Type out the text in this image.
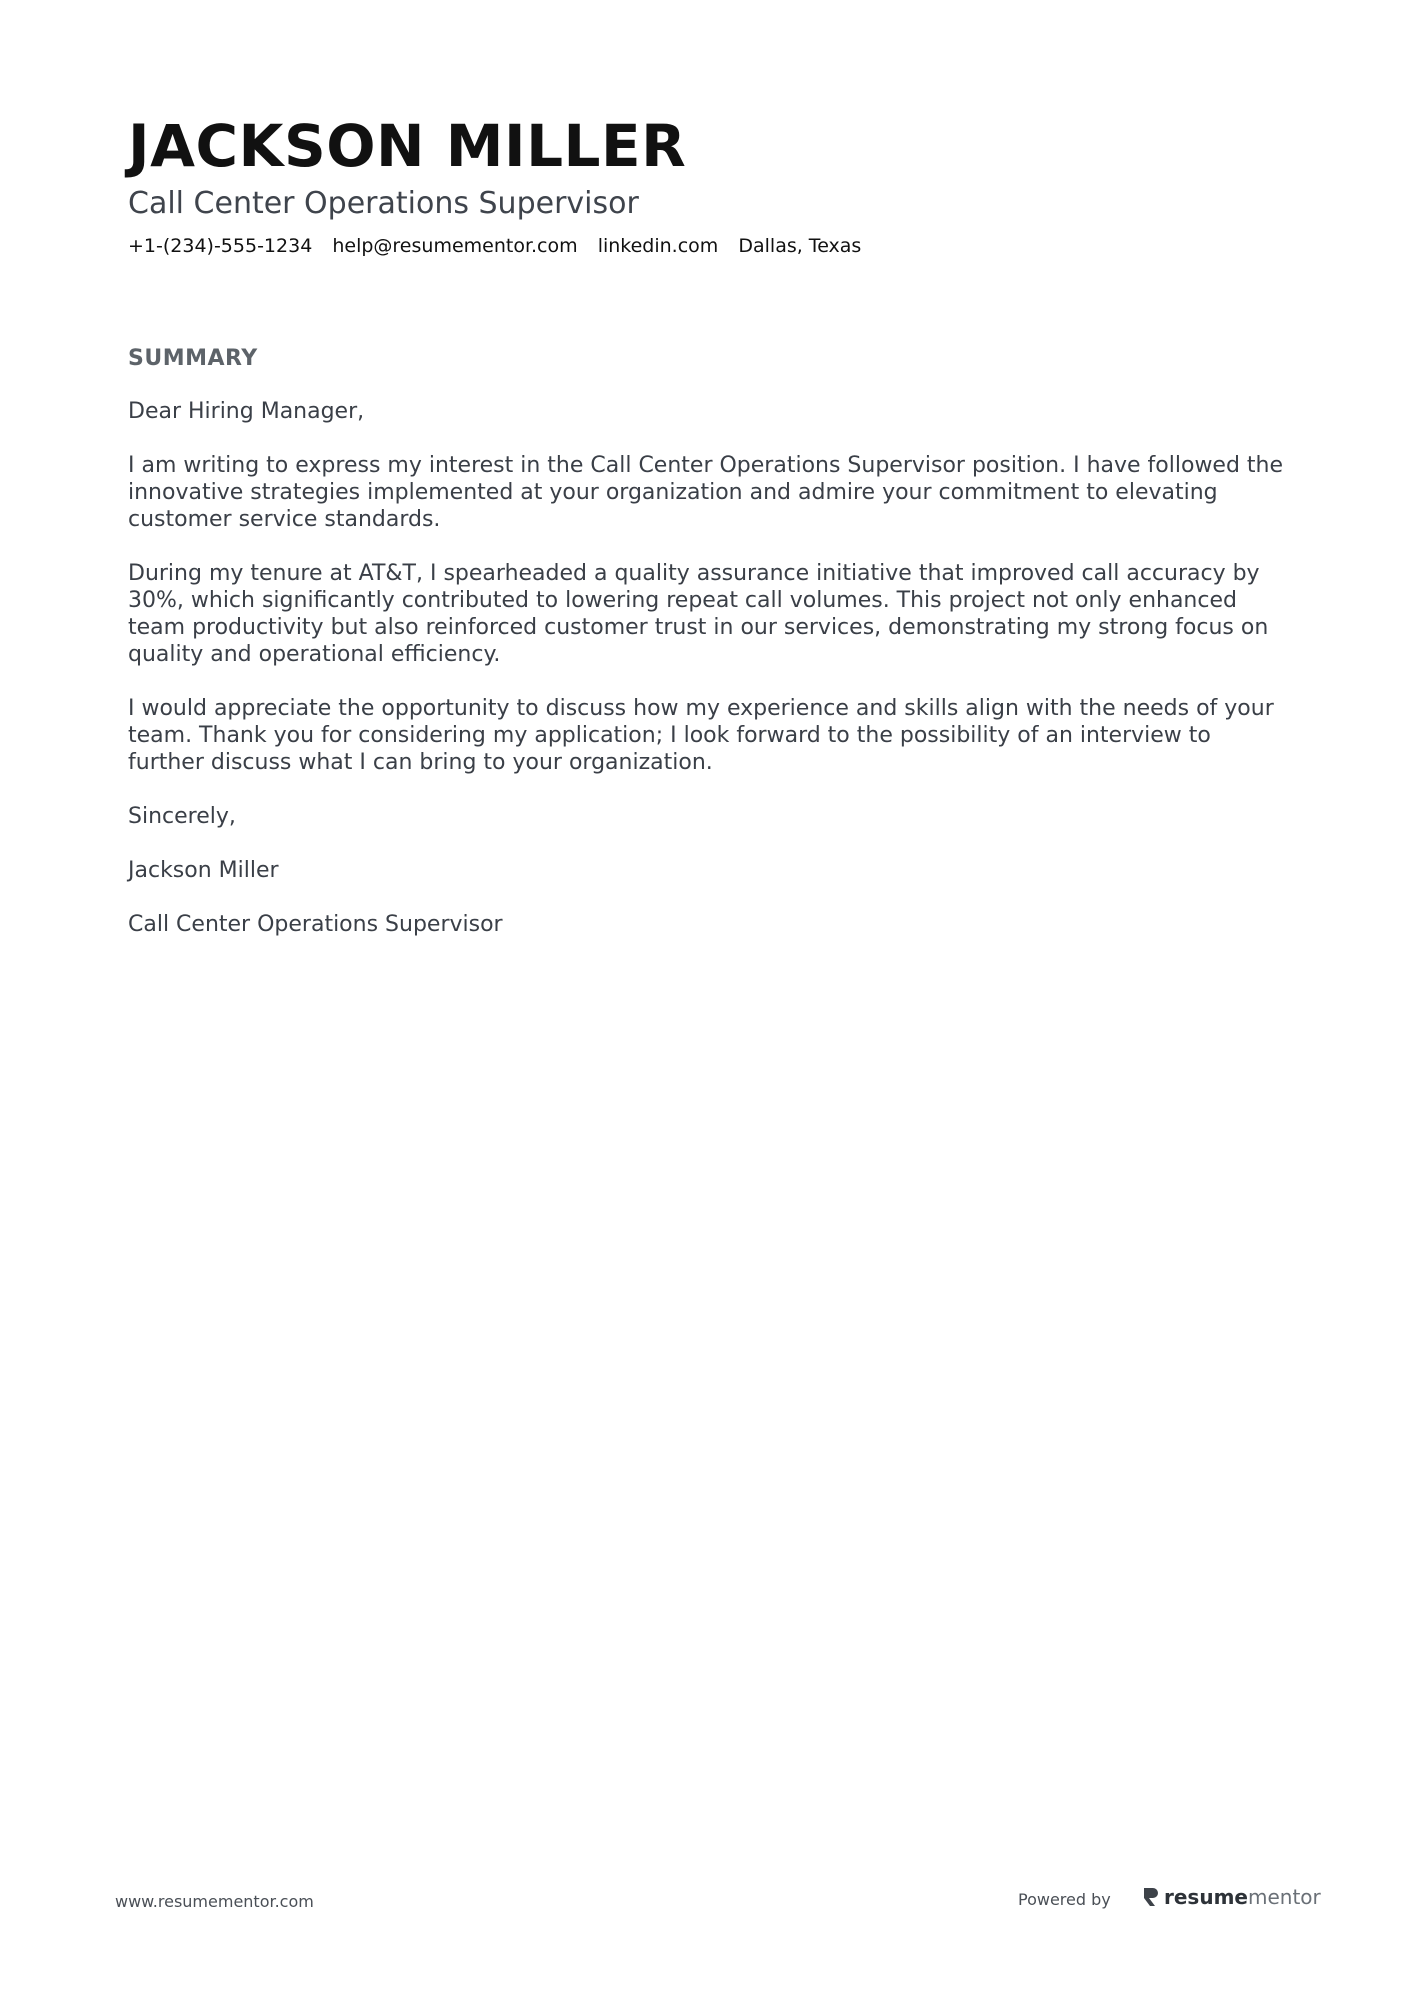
JACKSON MILLER
Call Center Operations Supervisor
+1-(234)-555-1234 help@resumementor.com linkedin.com Dallas, Texas
SUMMARY

Dear Hiring Manager,

I am writing to express my interest in the Call Center Operations Supervisor position. I have followed the innovative strategies implemented at your organization and admire your commitment to elevating customer service standards.

During my tenure at AT&T, I spearheaded a quality assurance initiative that improved call accuracy by 30%, which significantly contributed to lowering repeat call volumes. This project not only enhanced team productivity but also reinforced customer trust in our services, demonstrating my strong focus on quality and operational efficiency.

I would appreciate the opportunity to discuss how my experience and skills align with the needs of your team. Thank you for considering my application; I look forward to the possibility of an interview to further discuss what I can bring to your organization.

Sincerely,

Jackson Miller

Call Center Operations Supervisor

www.resumementor.com	Powered by	resume mentor
